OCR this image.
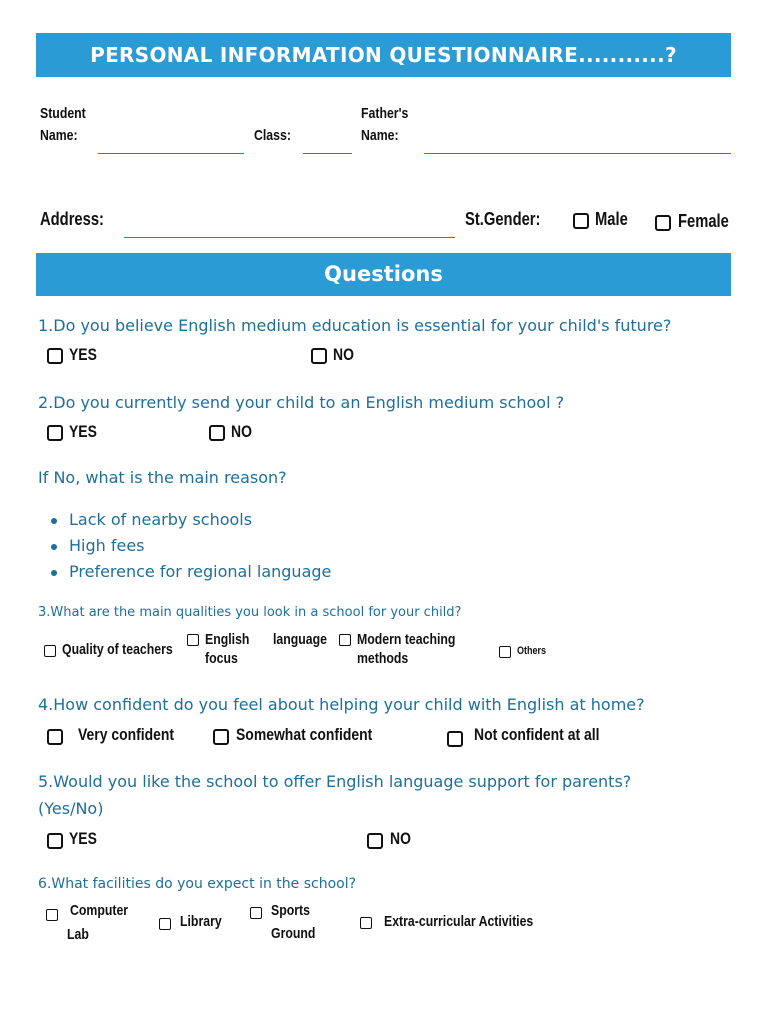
PERSONAL INFORMATION QUESTIONNAIRE...........?
Student
Name:	Class:
Father's
Name:
Address:	St.Gender:	Male	Female
Questions
1.Do you believe English medium education is essential for your child's future?
YES	NO
2.Do you currently send your child to an English medium school ?
YES	NO
If No, what is the main reason?
Lack of nearby schools
High fees
Preference for regional language
3.What are the main qualities you look in a school for your child?
Quality of teachers
English
focus
language Modern teaching
methods	Others
4.How confident do you feel about helping your child with English at home?
Very confident	Somewhat confident	Not confident at all
5.Would you like the school to offer English language support for parents?
(Yes/No)
YES	NO
6.What facilities do you expect in the school?
Computer
Lab
Library
Sports
Ground
Extra-curricular Activities
